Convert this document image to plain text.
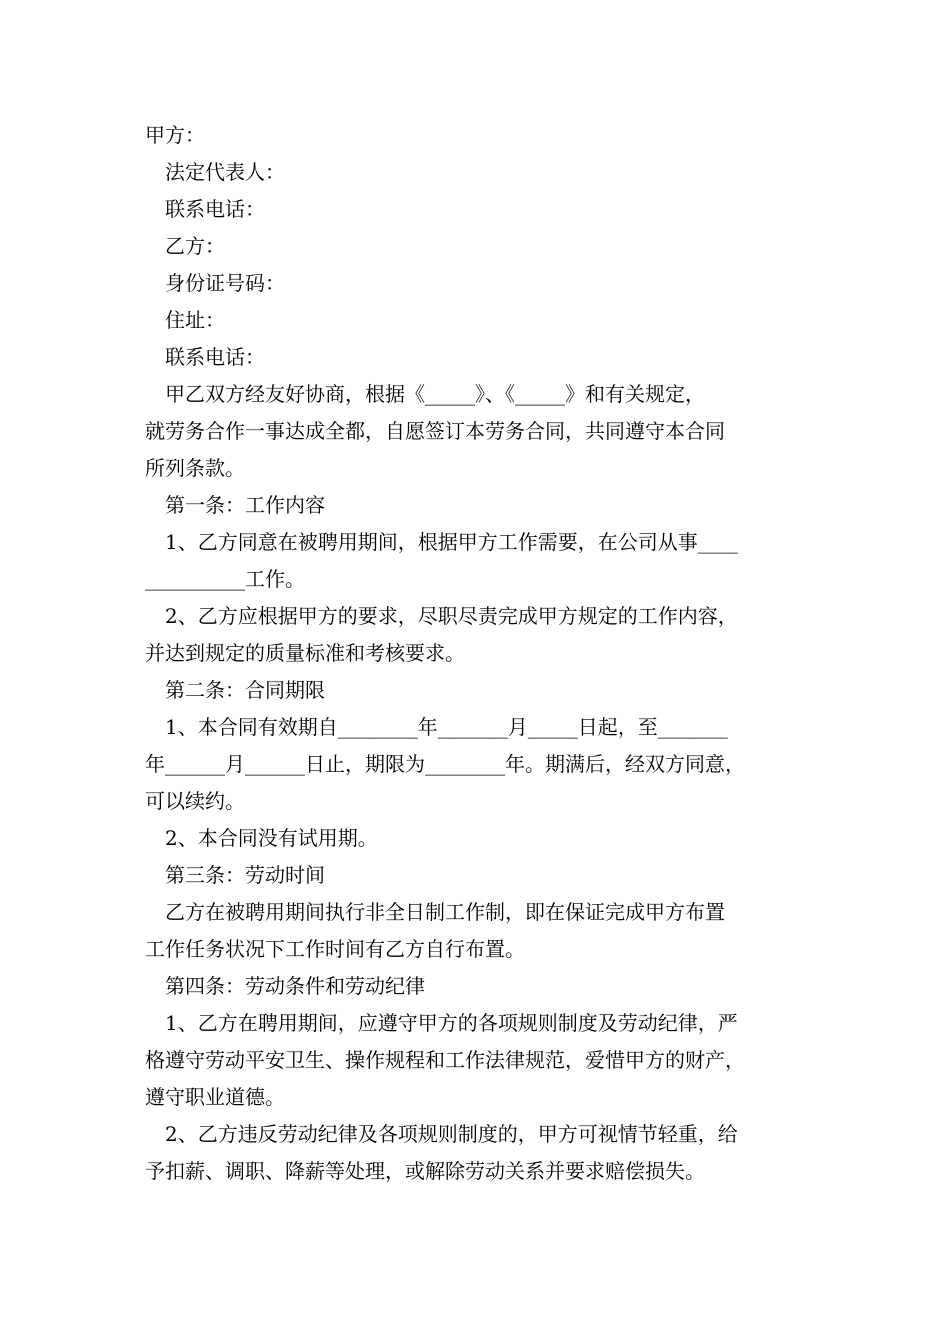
甲方：
法定代表人：
联系电话：
乙方：
身份证号码：
住址：
联系电话：
甲乙双方经友好协商，根据《_____》、《_____》和有关规定，
就劳务合作一事达成全都，自愿签订本劳务合同，共同遵守本合同
所列条款。
第一条：工作内容
1、乙方同意在被聘用期间，根据甲方工作需要，在公司从事____
__________工作。
2、乙方应根据甲方的要求，尽职尽责完成甲方规定的工作内容，
并达到规定的质量标准和考核要求。
第二条：合同期限
1、本合同有效期自________年_______月_____日起，至_______
年______月______日止，期限为________年。期满后，经双方同意，
可以续约。
2、本合同没有试用期。
第三条：劳动时间
乙方在被聘用期间执行非全日制工作制，即在保证完成甲方布置
工作任务状况下工作时间有乙方自行布置。
第四条：劳动条件和劳动纪律
1、乙方在聘用期间，应遵守甲方的各项规则制度及劳动纪律，严
格遵守劳动平安卫生、操作规程和工作法律规范，爱惜甲方的财产，
遵守职业道德。
2、乙方违反劳动纪律及各项规则制度的，甲方可视情节轻重，给
予扣薪、调职、降薪等处理，或解除劳动关系并要求赔偿损失。
